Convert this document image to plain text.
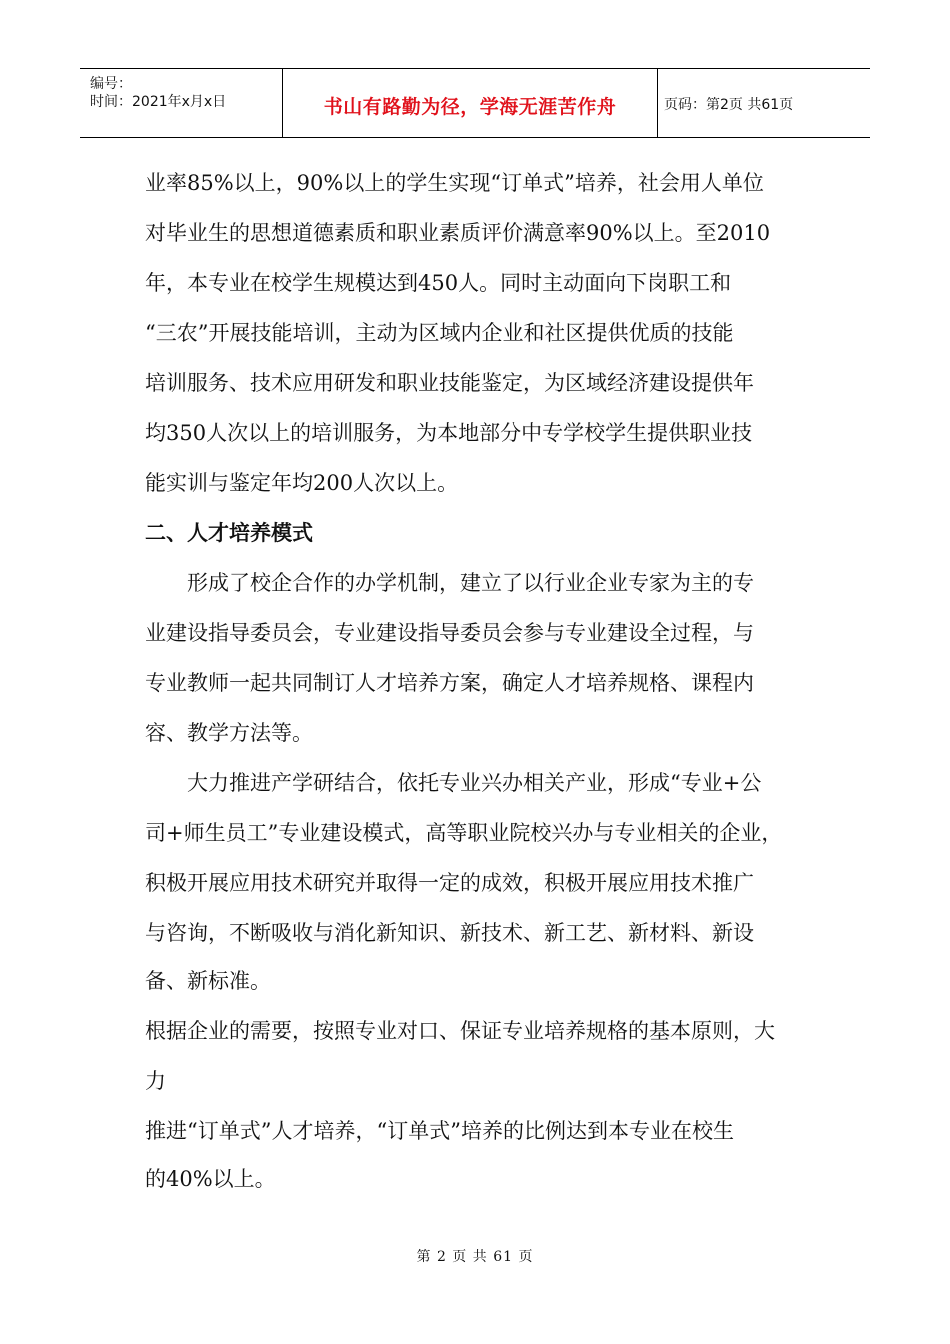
编号：
时间：2021年x月x日	书山有路勤为径，学海无涯苦作舟	页码：第2页 共61页
业率85%以上，90%以上的学生实现“订单式”培养，社会用人单位
对毕业生的思想道德素质和职业素质评价满意率90%以上。至2010
年，本专业在校学生规模达到450人。同时主动面向下岗职工和
“三农”开展技能培训，主动为区域内企业和社区提供优质的技能
培训服务、技术应用研发和职业技能鉴定，为区域经济建设提供年
均350人次以上的培训服务，为本地部分中专学校学生提供职业技
能实训与鉴定年均200人次以上。
二、人才培养模式
　　形成了校企合作的办学机制，建立了以行业企业专家为主的专
业建设指导委员会，专业建设指导委员会参与专业建设全过程，与
专业教师一起共同制订人才培养方案，确定人才培养规格、课程内
容、教学方法等。
　　大力推进产学研结合，依托专业兴办相关产业，形成“专业+公
司+师生员工”专业建设模式，高等职业院校兴办与专业相关的企业，
积极开展应用技术研究并取得一定的成效，积极开展应用技术推广
与咨询，不断吸收与消化新知识、新技术、新工艺、新材料、新设
备、新标准。
根据企业的需要，按照专业对口、保证专业培养规格的基本原则，大
力
推进“订单式”人才培养，“订单式”培养的比例达到本专业在校生
的40%以上。
第 2 页 共 61 页
